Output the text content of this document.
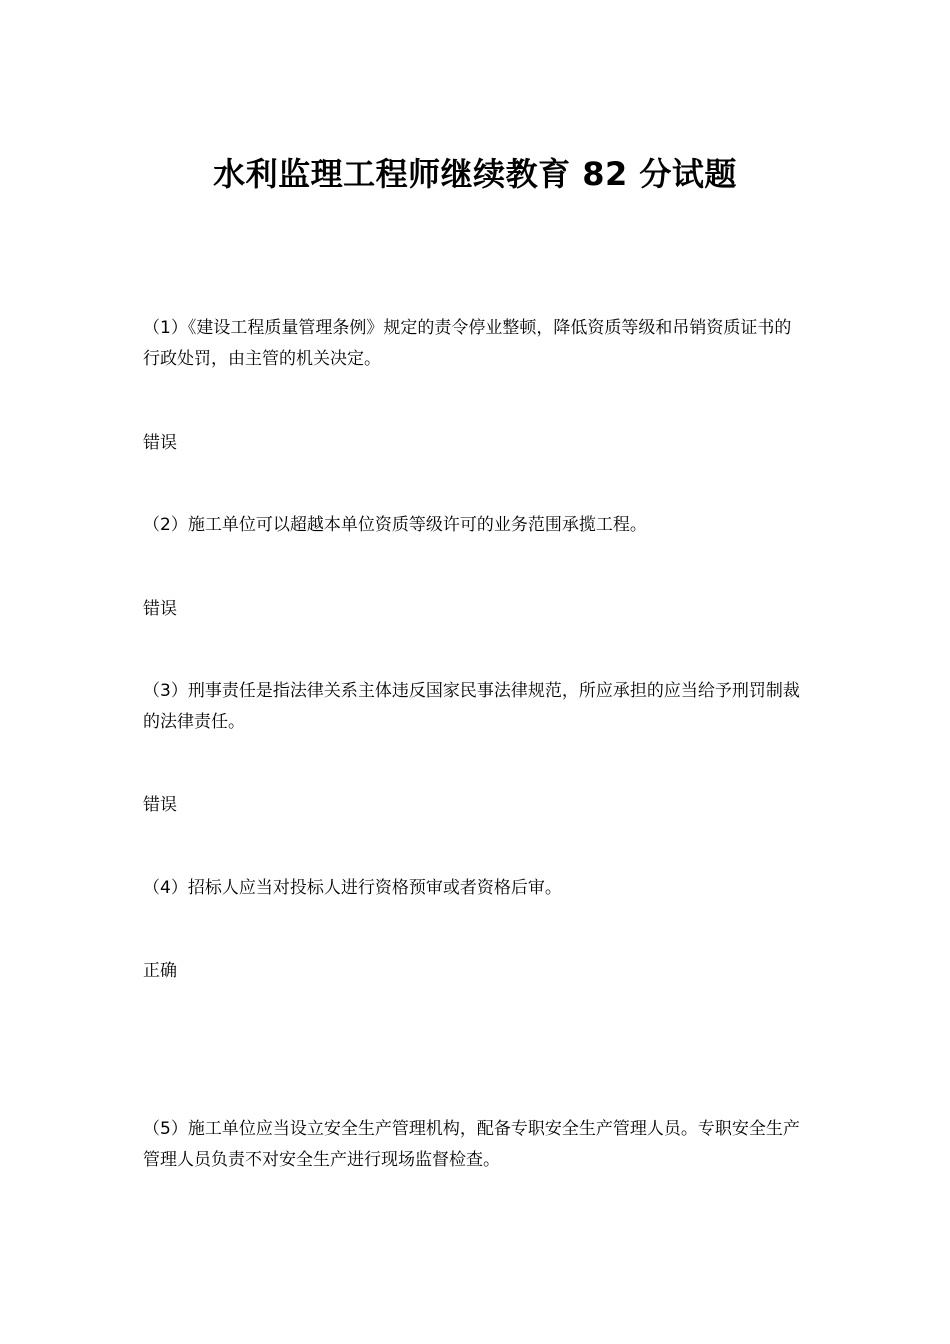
水利监理工程师继续教育 82 分试题
（1）《建设工程质量管理条例》规定的责令停业整顿，降低资质等级和吊销资质证书的行政处罚，由主管的机关决定。
错误
（2）施工单位可以超越本单位资质等级许可的业务范围承揽工程。
错误
（3）刑事责任是指法律关系主体违反国家民事法律规范，所应承担的应当给予刑罚制裁的法律责任。
错误
（4）招标人应当对投标人进行资格预审或者资格后审。
正确
（5）施工单位应当设立安全生产管理机构，配备专职安全生产管理人员。专职安全生产管理人员负责不对安全生产进行现场监督检查。
